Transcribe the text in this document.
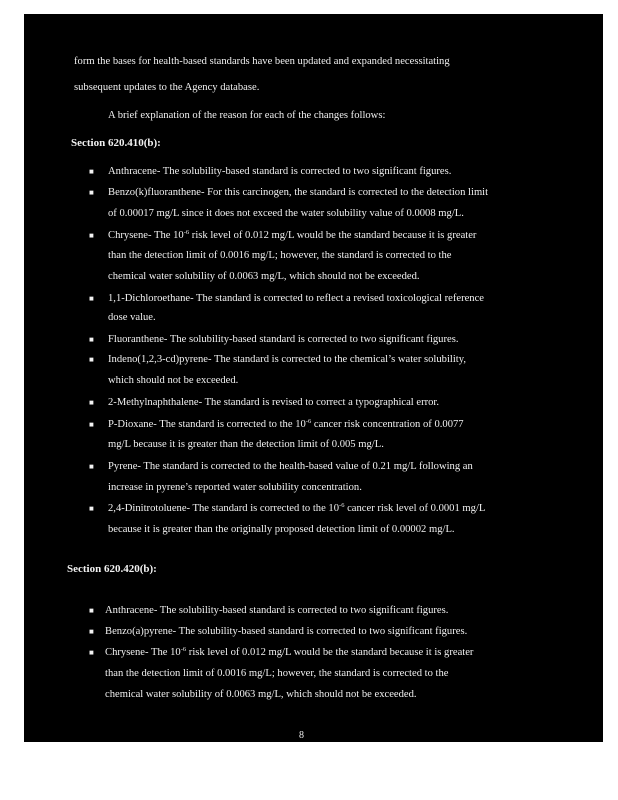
form the bases for health-based standards have been updated and expanded necessitating
subsequent updates to the Agency database.
A brief explanation of the reason for each of the changes follows:
Section 620.410(b):
■ Anthracene- The solubility-based standard is corrected to two significant figures.
■ Benzo(k)fluoranthene- For this carcinogen, the standard is corrected to the detection limit
of 0.00017 mg/L since it does not exceed the water solubility value of 0.0008 mg/L.
■ Chrysene- The $10^{-6}$ risk level of 0.012 mg/L would be the standard because it is greater
than the detection limit of 0.0016 mg/L; however, the standard is corrected to the
chemical water solubility of 0.0063 mg/L, which should not be exceeded.
■ 1,1-Dichloroethane- The standard is corrected to reflect a revised toxicological reference
dose value.
■ Fluoranthene- The solubility-based standard is corrected to two significant figures.
■ Indeno(1,2,3-cd)pyrene- The standard is corrected to the chemical’s water solubility,
which should not be exceeded.
■ 2-Methylnaphthalene- The standard is revised to correct a typographical error.
■ P-Dioxane- The standard is corrected to the $10^{-6}$ cancer risk concentration of 0.0077
mg/L because it is greater than the detection limit of 0.005 mg/L.
■ Pyrene- The standard is corrected to the health-based value of 0.21 mg/L following an
increase in pyrene’s reported water solubility concentration.
■ 2,4-Dinitrotoluene- The standard is corrected to the $10^{-6}$ cancer risk level of 0.0001 mg/L
because it is greater than the originally proposed detection limit of 0.00002 mg/L.
Section 620.420(b):
■ Anthracene- The solubility-based standard is corrected to two significant figures.
■ Benzo(a)pyrene- The solubility-based standard is corrected to two significant figures.
■ Chrysene- The $10^{-6}$ risk level of 0.012 mg/L would be the standard because it is greater
than the detection limit of 0.0016 mg/L; however, the standard is corrected to the
chemical water solubility of 0.0063 mg/L, which should not be exceeded.
8
